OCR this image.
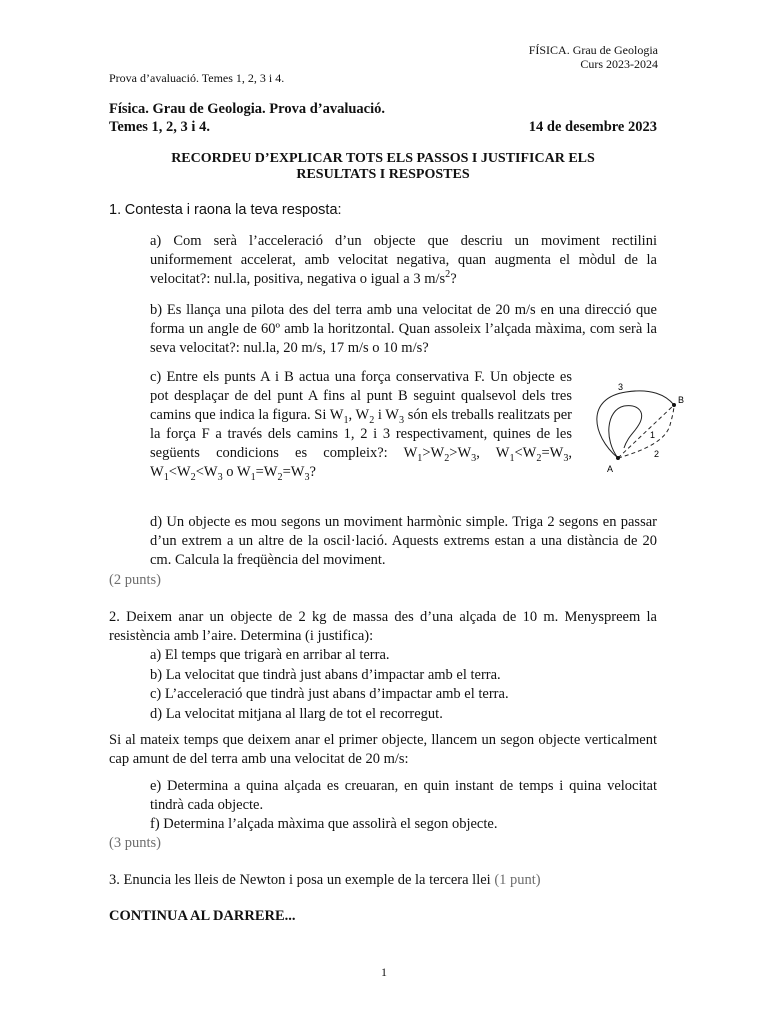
FÍSICA. Grau de Geologia
Curs 2023-2024
Prova d’avaluació. Temes 1, 2, 3 i 4.
Física. Grau de Geologia. Prova d’avaluació.
Temes 1, 2, 3 i 4.	14 de desembre 2023
RECORDEU D’EXPLICAR TOTS ELS PASSOS I JUSTIFICAR ELS
RESULTATS I RESPOSTES
1. Contesta i raona la teva resposta:
a) Com serà l’acceleració d’un objecte que descriu un moviment rectilini uniformement accelerat, amb velocitat negativa, quan augmenta el mòdul de la velocitat?: nul.la, positiva, negativa o igual a 3 $m/s^2$?
b) Es llança una pilota des del terra amb una velocitat de 20 m/s en una direcció que forma un angle de 60º amb la horitzontal. Quan assoleix l’alçada màxima, com serà la seva velocitat?: nul.la, 20 m/s, 17 m/s o 10 m/s?
c) Entre els punts A i B actua una força conservativa F. Un objecte es pot desplaçar de del punt A fins al punt B seguint qualsevol dels tres camins que indica la figura. Si $W_1$, $W_2$ i $W_3$ són els treballs realitzats per la força F a través dels camins 1, 2 i 3 respectivament, quines de les següents condicions es compleix?: $W_1>W_2>W_3$, $W_1<W_2=W_3$, $W_1<W_2<W_3$ o $W_1=W_2=W_3$?	A
B
1
2
3
d) Un objecte es mou segons un moviment harmònic simple. Triga 2 segons en passar d’un extrem a un altre de la oscil·lació. Aquests extrems estan a una distància de 20 cm. Calcula la freqüència del moviment.
(2 punts)
2. Deixem anar un objecte de 2 kg de massa des d’una alçada de 10 m. Menyspreem la resistència amb l’aire. Determina (i justifica):
a) El temps que trigarà en arribar al terra.
b) La velocitat que tindrà just abans d’impactar amb el terra.
c) L’acceleració que tindrà just abans d’impactar amb el terra.
d) La velocitat mitjana al llarg de tot el recorregut.
Si al mateix temps que deixem anar el primer objecte, llancem un segon objecte verticalment cap amunt de del terra amb una velocitat de 20 m/s:
e) Determina a quina alçada es creuaran, en quin instant de temps i quina velocitat tindrà cada objecte.
f) Determina l’alçada màxima que assolirà el segon objecte.
(3 punts)
3. Enuncia les lleis de Newton i posa un exemple de la tercera llei (1 punt)
CONTINUA AL DARRERE...
1
